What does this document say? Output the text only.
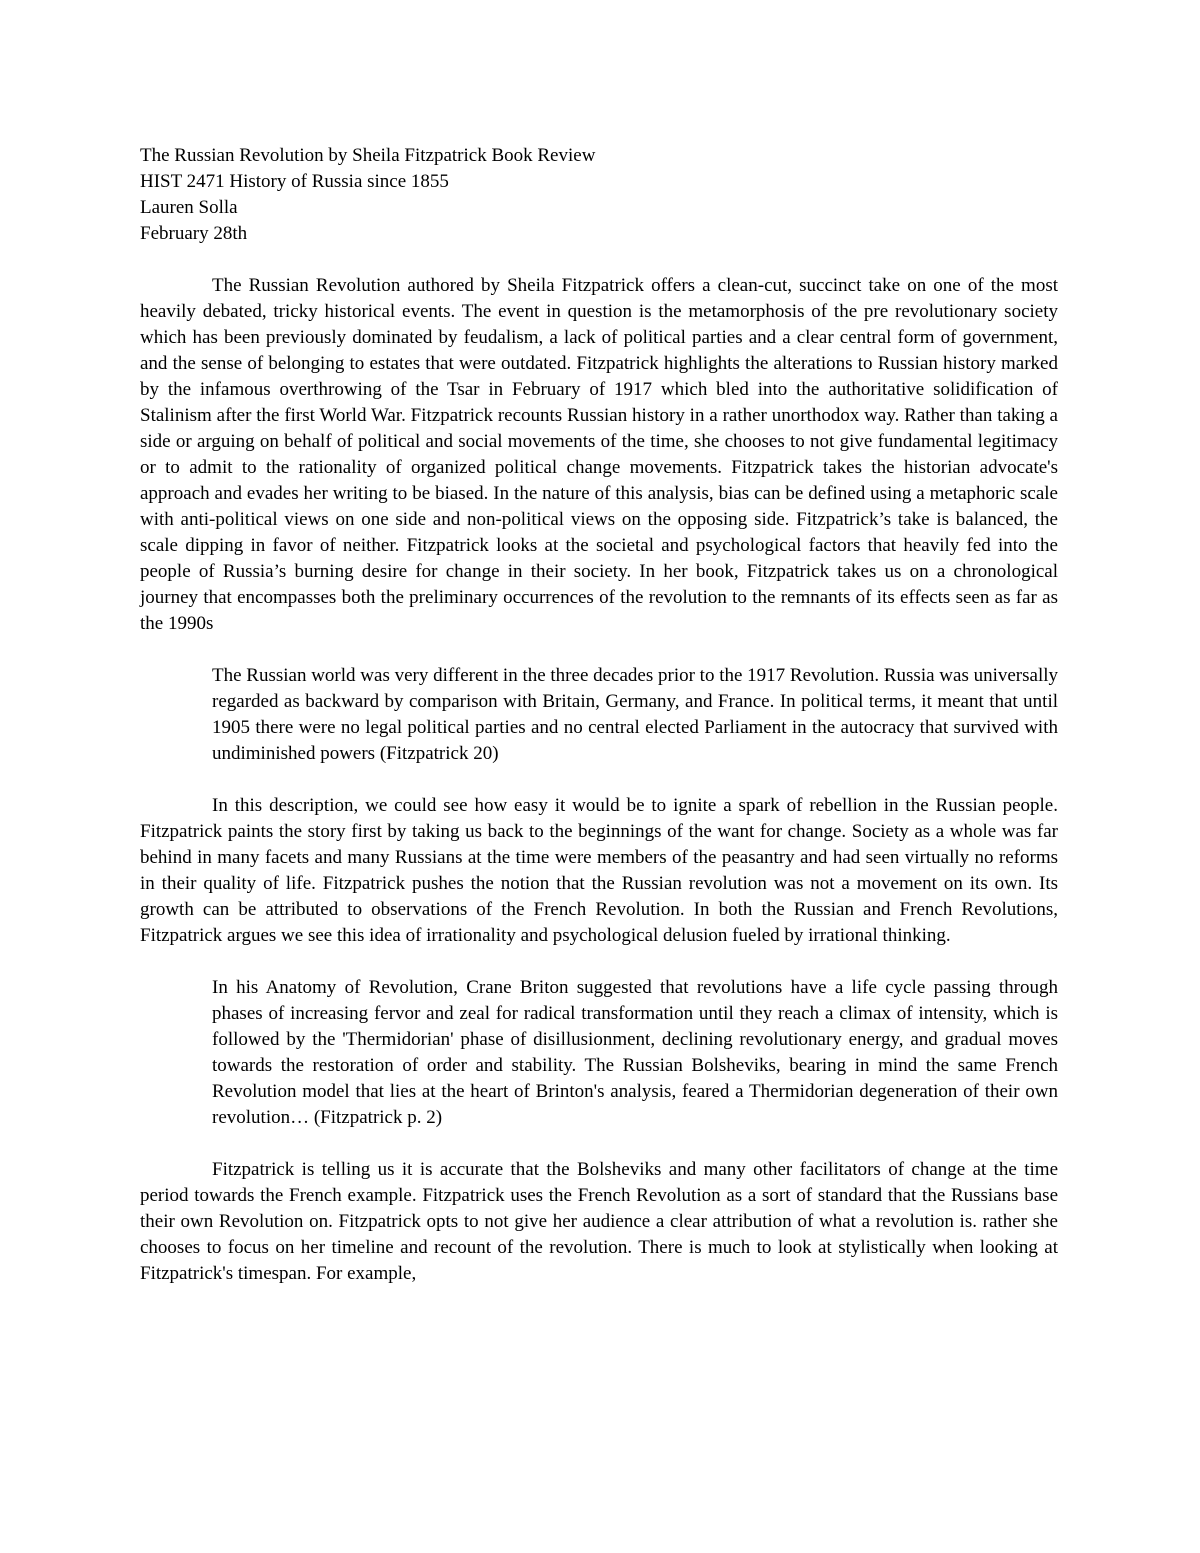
The Russian Revolution by Sheila Fitzpatrick Book Review
HIST 2471 History of Russia since 1855
Lauren Solla
February 28th

The Russian Revolution authored by Sheila Fitzpatrick offers a clean-cut, succinct take on one of the most heavily debated, tricky historical events. The event in question is the metamorphosis of the pre revolutionary society which has been previously dominated by feudalism, a lack of political parties and a clear central form of government, and the sense of belonging to estates that were outdated. Fitzpatrick highlights the alterations to Russian history marked by the infamous overthrowing of the Tsar in February of 1917 which bled into the authoritative solidification of Stalinism after the first World War. Fitzpatrick recounts Russian history in a rather unorthodox way. Rather than taking a side or arguing on behalf of political and social movements of the time, she chooses to not give fundamental legitimacy or to admit to the rationality of organized political change movements. Fitzpatrick takes the historian advocate's approach and evades her writing to be biased. In the nature of this analysis, bias can be defined using a metaphoric scale with anti-political views on one side and non-political views on the opposing side. Fitzpatrick’s take is balanced, the scale dipping in favor of neither. Fitzpatrick looks at the societal and psychological factors that heavily fed into the people of Russia’s burning desire for change in their society. In her book, Fitzpatrick takes us on a chronological journey that encompasses both the preliminary occurrences of the revolution to the remnants of its effects seen as far as the 1990s

The Russian world was very different in the three decades prior to the 1917 Revolution. Russia was universally regarded as backward by comparison with Britain, Germany, and France. In political terms, it meant that until 1905 there were no legal political parties and no central elected Parliament in the autocracy that survived with undiminished powers (Fitzpatrick 20)

In this description, we could see how easy it would be to ignite a spark of rebellion in the Russian people. Fitzpatrick paints the story first by taking us back to the beginnings of the want for change. Society as a whole was far behind in many facets and many Russians at the time were members of the peasantry and had seen virtually no reforms in their quality of life. Fitzpatrick pushes the notion that the Russian revolution was not a movement on its own. Its growth can be attributed to observations of the French Revolution. In both the Russian and French Revolutions, Fitzpatrick argues we see this idea of irrationality and psychological delusion fueled by irrational thinking.

In his Anatomy of Revolution, Crane Briton suggested that revolutions have a life cycle passing through phases of increasing fervor and zeal for radical transformation until they reach a climax of intensity, which is followed by the 'Thermidorian' phase of disillusionment, declining revolutionary energy, and gradual moves towards the restoration of order and stability. The Russian Bolsheviks, bearing in mind the same French Revolution model that lies at the heart of Brinton's analysis, feared a Thermidorian degeneration of their own revolution… (Fitzpatrick p. 2)

Fitzpatrick is telling us it is accurate that the Bolsheviks and many other facilitators of change at the time period towards the French example. Fitzpatrick uses the French Revolution as a sort of standard that the Russians base their own Revolution on. Fitzpatrick opts to not give her audience a clear attribution of what a revolution is. rather she chooses to focus on her timeline and recount of the revolution. There is much to look at stylistically when looking at Fitzpatrick's timespan. For example,
